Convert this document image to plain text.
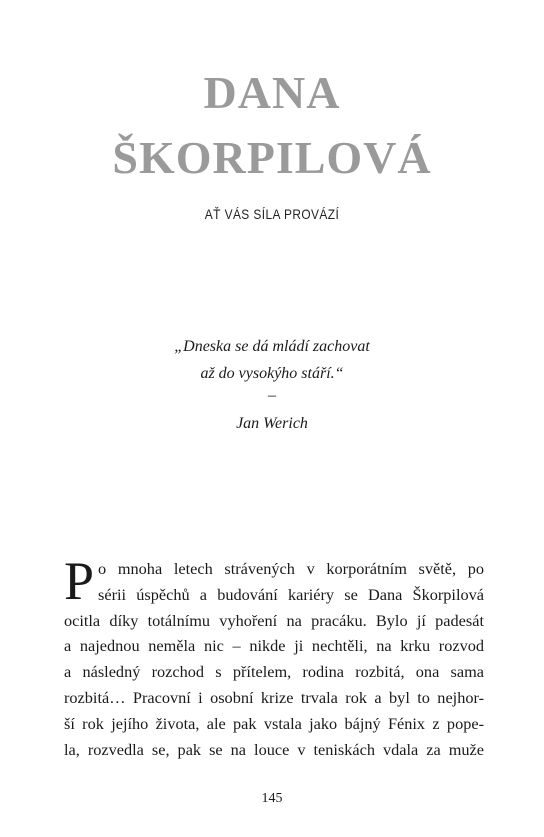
DANA
ŠKORPILOVÁ
AŤ VÁS SÍLA PROVÁZÍ
„Dneska se dá mládí zachovat
až do vysokýho stáří.“
–
Jan Werich
P o mnoha letech strávených v korporátním světě, po
sérii úspěchů a budování kariéry se Dana Škorpilová
ocitla díky totálnímu vyhoření na pracáku. Bylo jí padesát
a najednou neměla nic – nikde ji nechtěli, na krku rozvod
a následný rozchod s přítelem, rodina rozbitá, ona sama
rozbitá… Pracovní i osobní krize trvala rok a byl to nejhor-
ší rok jejího života, ale pak vstala jako bájný Fénix z pope-
la, rozvedla se, pak se na louce v teniskách vdala za muže
145
